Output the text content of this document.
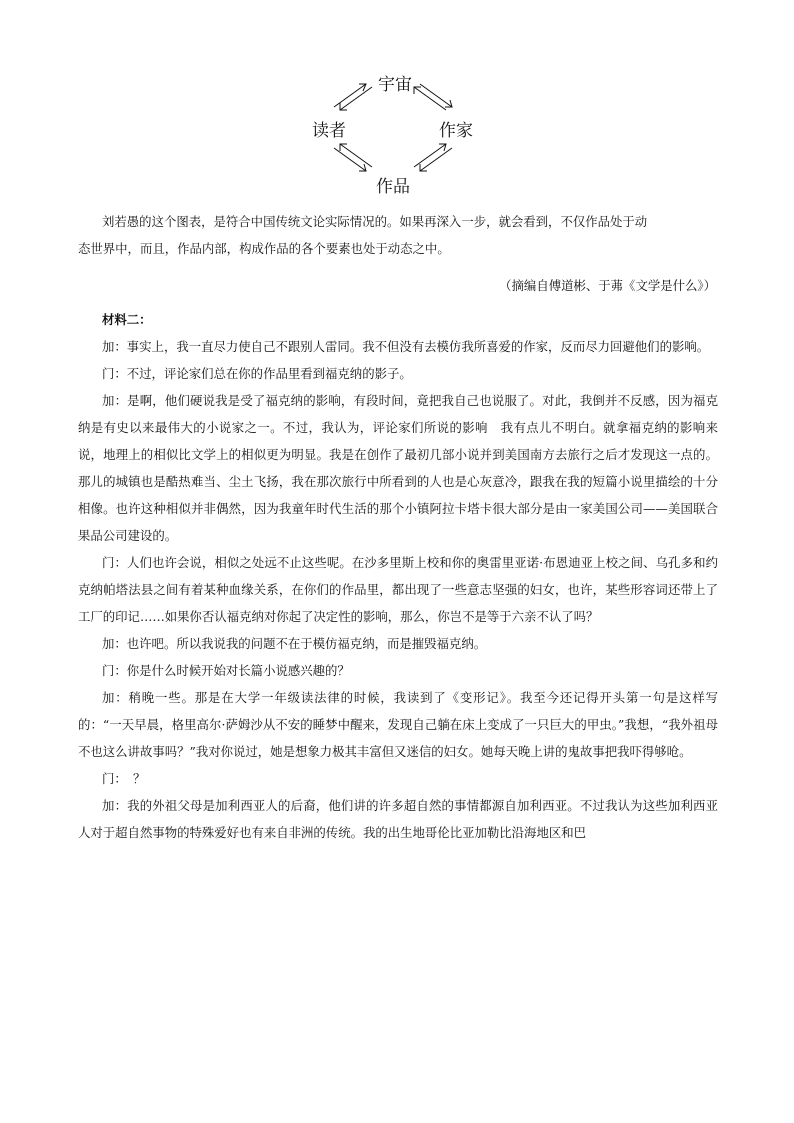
宇宙
读者	作家
作品

刘若愚的这个图表，是符合中国传统文论实际情况的。如果再深入一步，就会看到，不仅作品处于动

态世界中，而且，作品内部，构成作品的各个要素也处于动态之中。

（摘编自傅道彬、于茀《文学是什么》）

材料二：

加：事实上，我一直尽力使自己不跟别人雷同。我不但没有去模仿我所喜爱的作家，反而尽力回避他们的影响。

门：不过，评论家们总在你的作品里看到福克纳的影子。

加：是啊，他们硬说我是受了福克纳的影响，有段时间，竟把我自己也说服了。对此，我倒并不反感，因为福克纳是有史以来最伟大的小说家之一。不过，我认为，评论家们所说的影响　我有点儿不明白。就拿福克纳的影响来说，地理上的相似比文学上的相似更为明显。我是在创作了最初几部小说并到美国南方去旅行之后才发现这一点的。那儿的城镇也是酷热难当、尘土飞扬，我在那次旅行中所看到的人也是心灰意冷，跟我在我的短篇小说里描绘的十分相像。也许这种相似并非偶然，因为我童年时代生活的那个小镇阿拉卡塔卡很大部分是由一家美国公司——美国联合果品公司建设的。

门：人们也许会说，相似之处远不止这些呢。在沙多里斯上校和你的奥雷里亚诺·布恩迪亚上校之间、乌孔多和约克纳帕塔法县之间有着某种血缘关系，在你们的作品里，都出现了一些意志坚强的妇女，也许，某些形容词还带上了工厂的印记……如果你否认福克纳对你起了决定性的影响，那么，你岂不是等于六亲不认了吗？

加：也许吧。所以我说我的问题不在于模仿福克纳，而是摧毁福克纳。

门：你是什么时候开始对长篇小说感兴趣的？

加：稍晚一些。那是在大学一年级读法律的时候，我读到了《变形记》。我至今还记得开头第一句是这样写的：“一天早晨，格里高尔·萨姆沙从不安的睡梦中醒来，发现自己躺在床上变成了一只巨大的甲虫。”我想，“我外祖母不也这么讲故事吗？”我对你说过，她是想象力极其丰富但又迷信的妇女。她每天晚上讲的鬼故事把我吓得够呛。

门：　？

加：我的外祖父母是加利西亚人的后裔，他们讲的许多超自然的事情都源自加利西亚。不过我认为这些加利西亚人对于超自然事物的特殊爱好也有来自非洲的传统。我的出生地哥伦比亚加勒比沿海地区和巴
